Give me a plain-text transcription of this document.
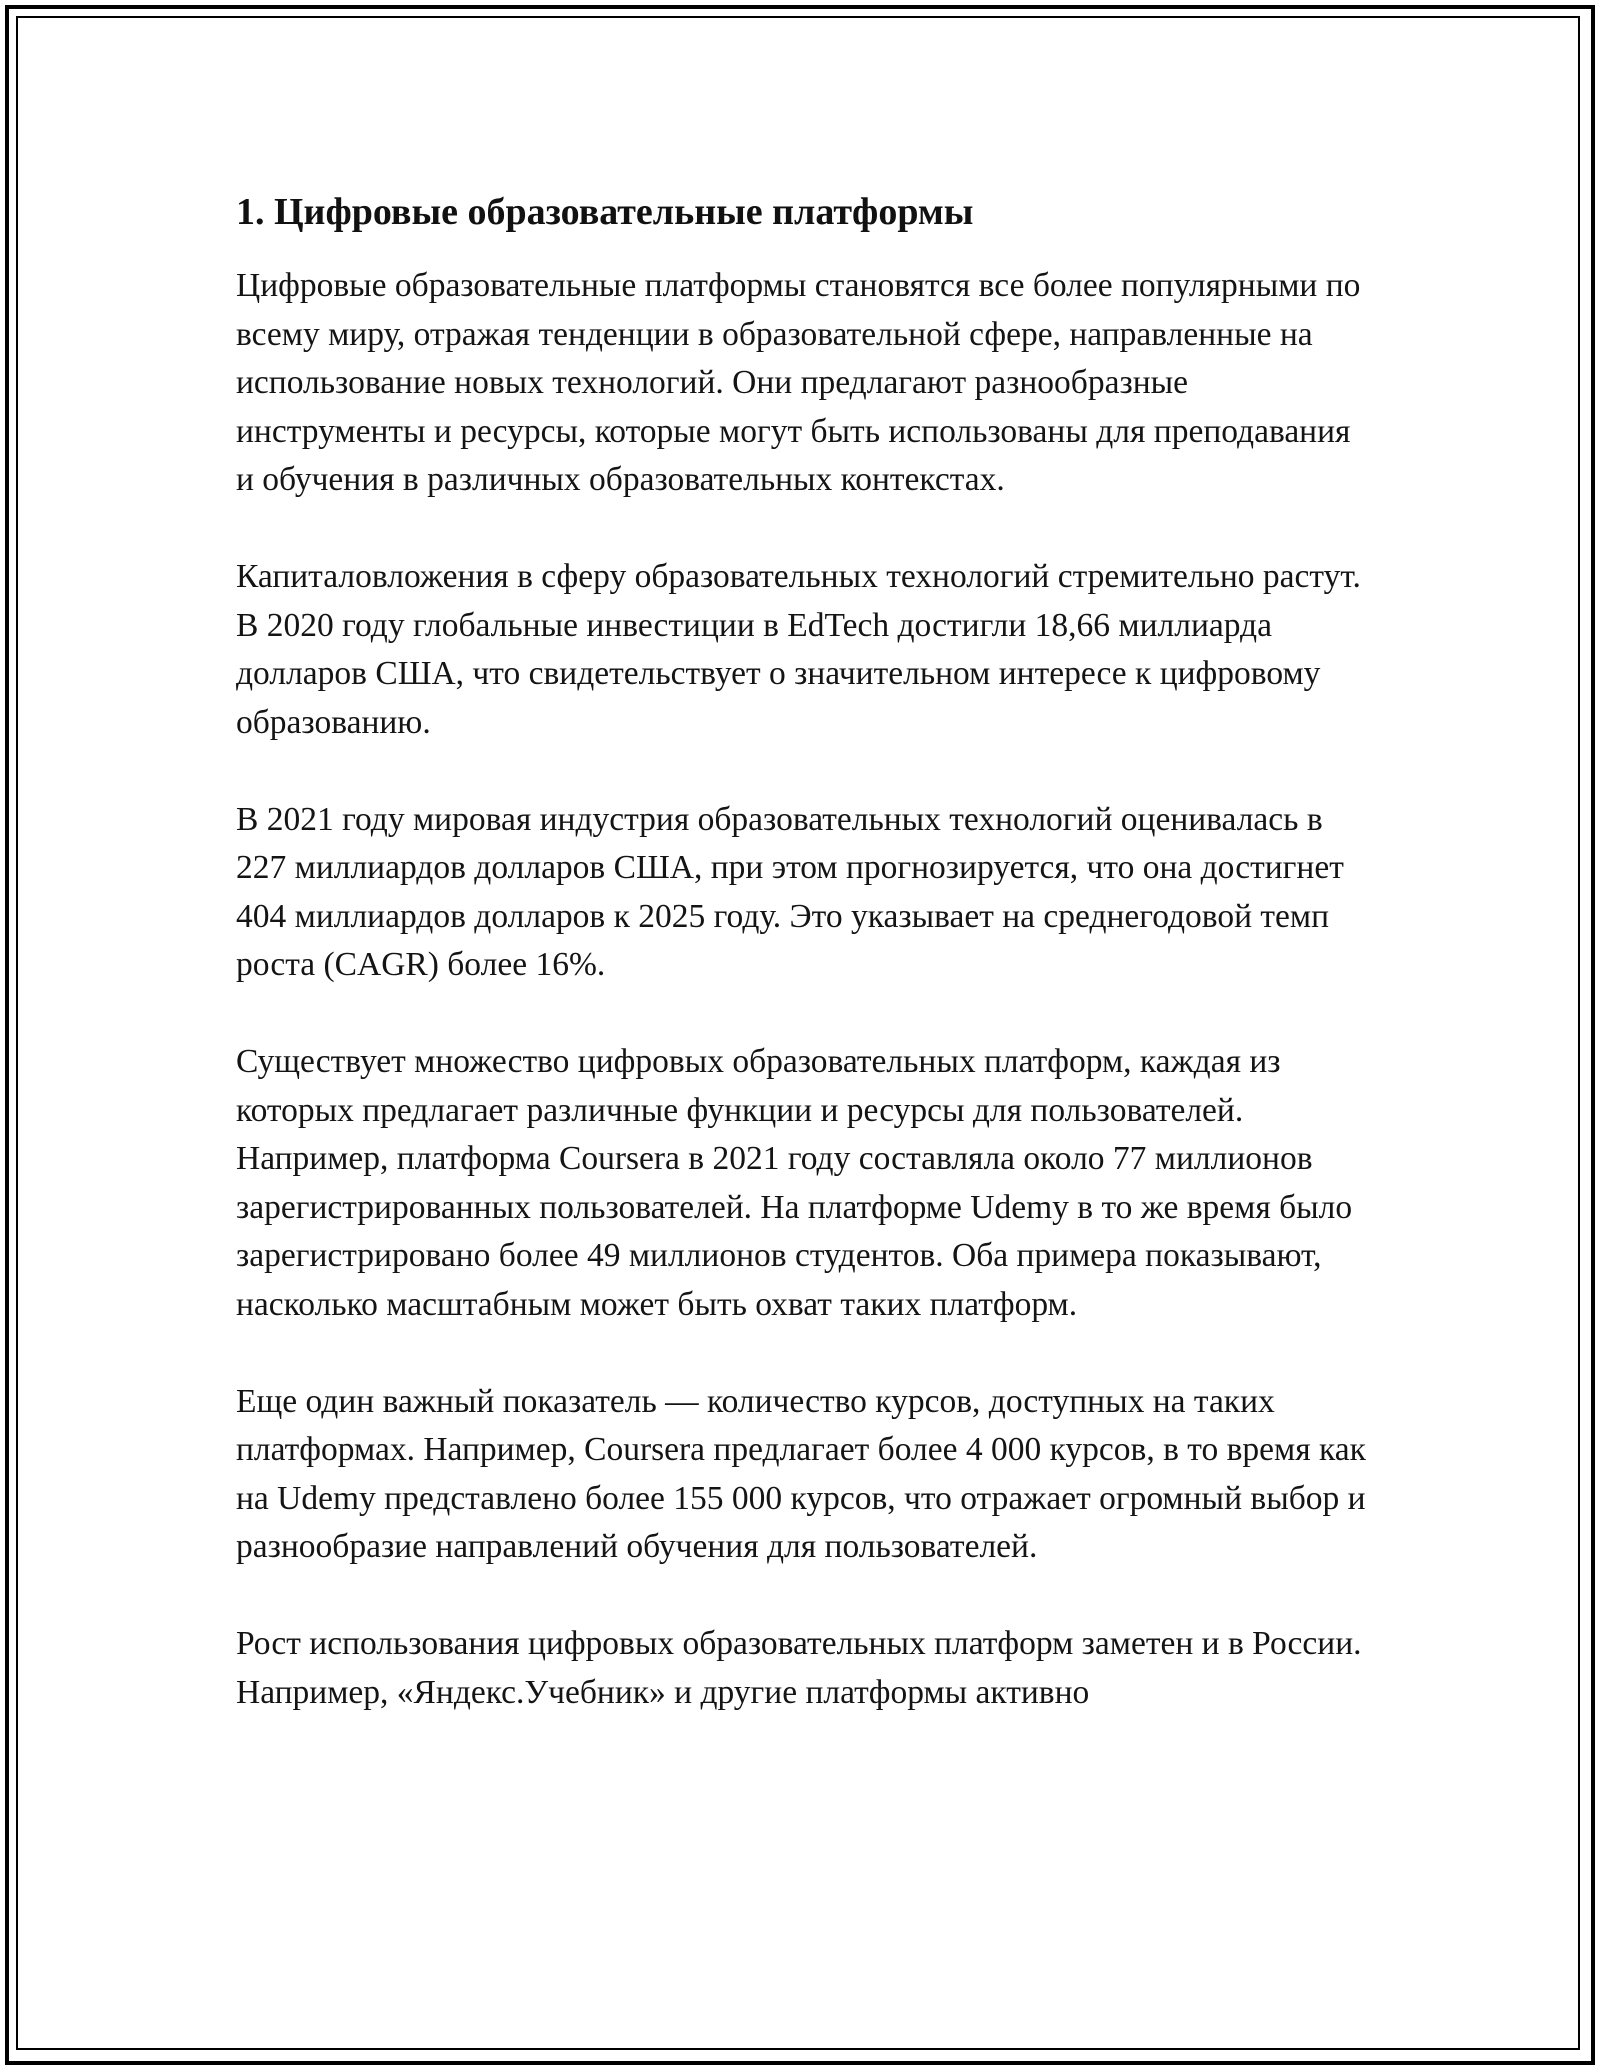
1. Цифровые образовательные платформы

Цифровые образовательные платформы становятся все более популярными по всему миру, отражая тенденции в образовательной сфере, направленные на использование новых технологий. Они предлагают разнообразные инструменты и ресурсы, которые могут быть использованы для преподавания и обучения в различных образовательных контекстах.

Капиталовложения в сферу образовательных технологий стремительно растут. В 2020 году глобальные инвестиции в EdTech достигли 18,66 миллиарда долларов США, что свидетельствует о значительном интересе к цифровому образованию.

В 2021 году мировая индустрия образовательных технологий оценивалась в 227 миллиардов долларов США, при этом прогнозируется, что она достигнет 404 миллиардов долларов к 2025 году. Это указывает на среднегодовой темп роста (CAGR) более 16%.

Существует множество цифровых образовательных платформ, каждая из которых предлагает различные функции и ресурсы для пользователей. Например, платформа Coursera в 2021 году составляла около 77 миллионов зарегистрированных пользователей. На платформе Udemy в то же время было зарегистрировано более 49 миллионов студентов. Оба примера показывают, насколько масштабным может быть охват таких платформ.

Еще один важный показатель — количество курсов, доступных на таких платформах. Например, Coursera предлагает более 4 000 курсов, в то время как на Udemy представлено более 155 000 курсов, что отражает огромный выбор и разнообразие направлений обучения для пользователей.

Рост использования цифровых образовательных платформ заметен и в России. Например, «Яндекс.Учебник» и другие платформы активно
